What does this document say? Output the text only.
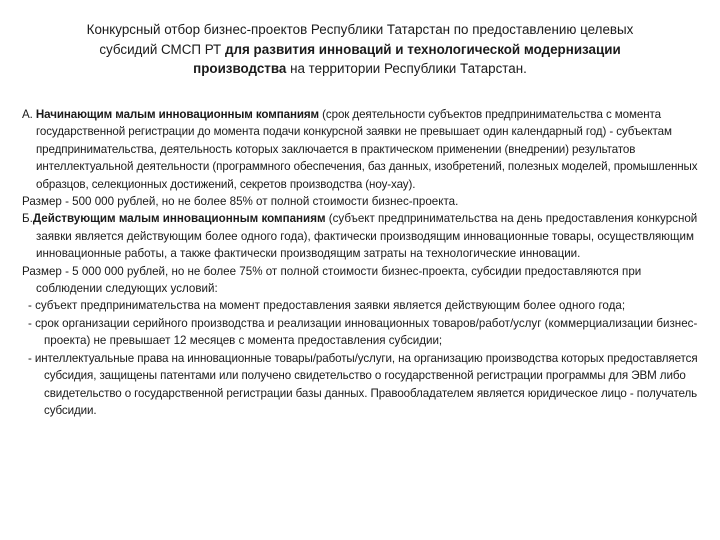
Конкурсный отбор бизнес-проектов Республики Татарстан по предоставлению целевых
субсидий СМСП РТ для развития инноваций и технологической модернизации
производства на территории Республики Татарстан.

А. Начинающим малым инновационным компаниям (срок деятельности субъектов предпринимательства с момента государственной регистрации до момента подачи конкурсной заявки не превышает один календарный год) - субъектам предпринимательства, деятельность которых заключается в практическом применении (внедрении) результатов интеллектуальной деятельности (программного обеспечения, баз данных, изобретений, полезных моделей, промышленных образцов, селекционных достижений, секретов производства (ноу-хау).

Размер - 500 000 рублей, но не более 85% от полной стоимости бизнес-проекта.

Б.Действующим малым инновационным компаниям (субъект предпринимательства на день предоставления конкурсной заявки является действующим более одного года), фактически производящим инновационные товары, осуществляющим инновационные работы, а также фактически производящим затраты на технологические инновации.

Размер - 5 000 000 рублей, но не более 75% от полной стоимости бизнес-проекта, субсидии предоставляются при соблюдении следующих условий:

- субъект предпринимательства на момент предоставления заявки является действующим более одного года;

- срок организации серийного производства и реализации инновационных товаров/работ/услуг (коммерциализации бизнес-проекта) не превышает 12 месяцев с момента предоставления субсидии;

- интеллектуальные права на инновационные товары/работы/услуги, на организацию производства которых предоставляется субсидия, защищены патентами или получено свидетельство о государственной регистрации программы для ЭВМ либо свидетельство о государственной регистрации базы данных. Правообладателем является юридическое лицо - получатель субсидии.
